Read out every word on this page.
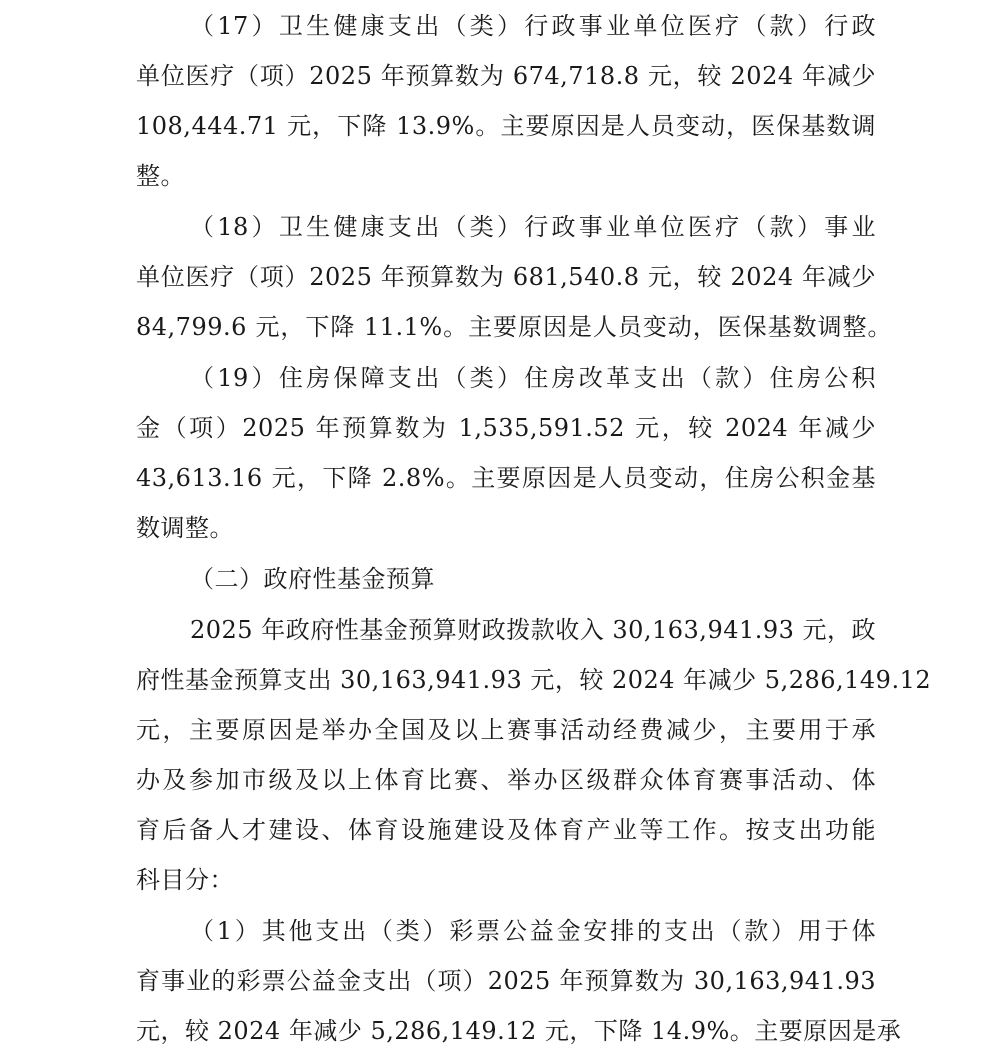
（17）卫生健康支出（类）行政事业单位医疗（款）行政
单位医疗（项）2025 年预算数为 674,718.8 元，较 2024 年减少
108,444.71 元，下降 13.9%。主要原因是人员变动，医保基数调
整。
（18）卫生健康支出（类）行政事业单位医疗（款）事业
单位医疗（项）2025 年预算数为 681,540.8 元，较 2024 年减少
84,799.6 元，下降 11.1%。主要原因是人员变动，医保基数调整。
（19）住房保障支出（类）住房改革支出（款）住房公积
金（项）2025 年预算数为 1,535,591.52 元，较 2024 年减少
43,613.16 元，下降 2.8%。主要原因是人员变动，住房公积金基
数调整。
（二）政府性基金预算
2025 年政府性基金预算财政拨款收入 30,163,941.93 元，政
府性基金预算支出 30,163,941.93 元，较 2024 年减少 5,286,149.12
元，主要原因是举办全国及以上赛事活动经费减少，主要用于承
办及参加市级及以上体育比赛、举办区级群众体育赛事活动、体
育后备人才建设、体育设施建设及体育产业等工作。按支出功能
科目分：
（1）其他支出（类）彩票公益金安排的支出（款）用于体
育事业的彩票公益金支出（项）2025 年预算数为 30,163,941.93
元，较 2024 年减少 5,286,149.12 元，下降 14.9%。主要原因是承
